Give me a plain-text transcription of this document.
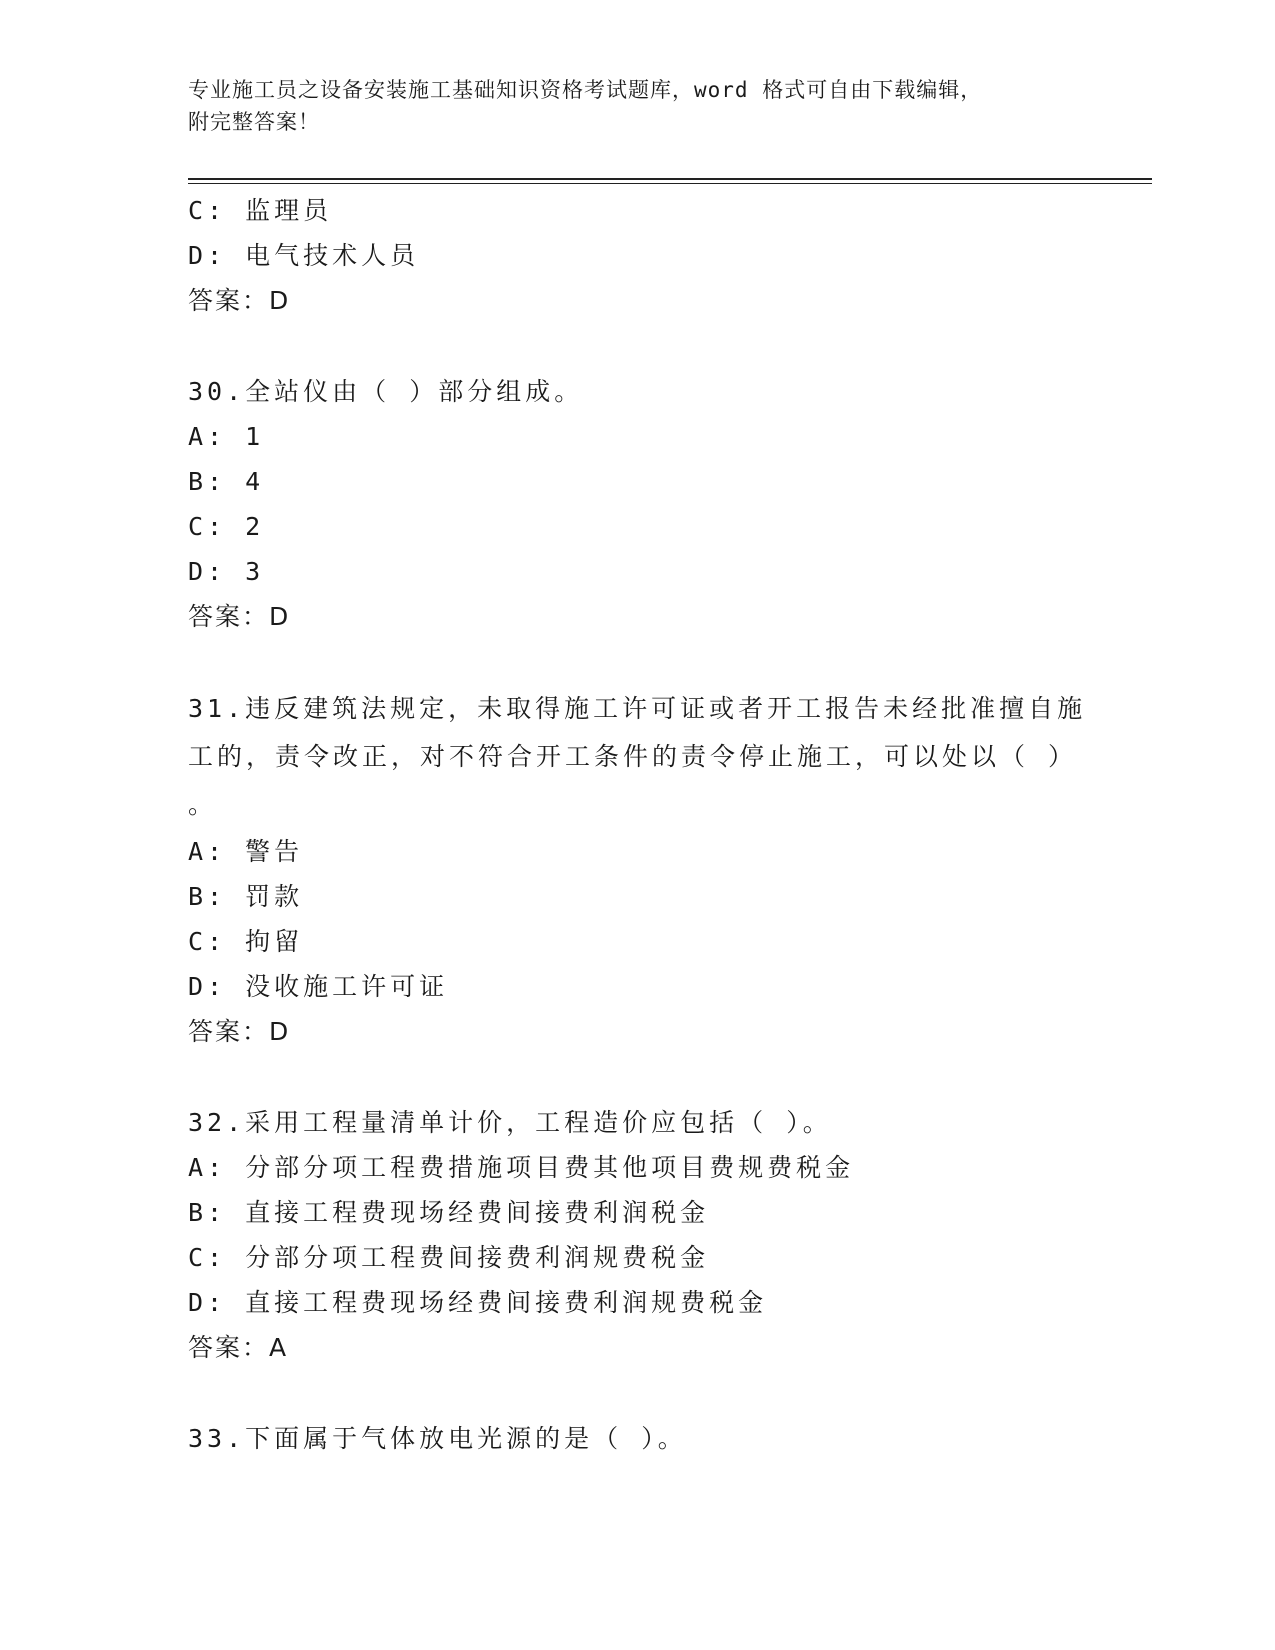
专业施工员之设备安装施工基础知识资格考试题库，word 格式可自由下载编辑，
附完整答案！
C: 监理员
D: 电气技术人员
答案：D
30.全站仪由（ ）部分组成。
A: 1
B: 4
C: 2
D: 3
答案：D
31.违反建筑法规定，未取得施工许可证或者开工报告未经批准擅自施
工的，责令改正，对不符合开工条件的责令停止施工，可以处以（ ）
。
A: 警告
B: 罚款
C: 拘留
D: 没收施工许可证
答案：D
32.采用工程量清单计价，工程造价应包括（ ）。
A: 分部分项工程费措施项目费其他项目费规费税金
B: 直接工程费现场经费间接费利润税金
C: 分部分项工程费间接费利润规费税金
D: 直接工程费现场经费间接费利润规费税金
答案：A
33.下面属于气体放电光源的是（ ）。
